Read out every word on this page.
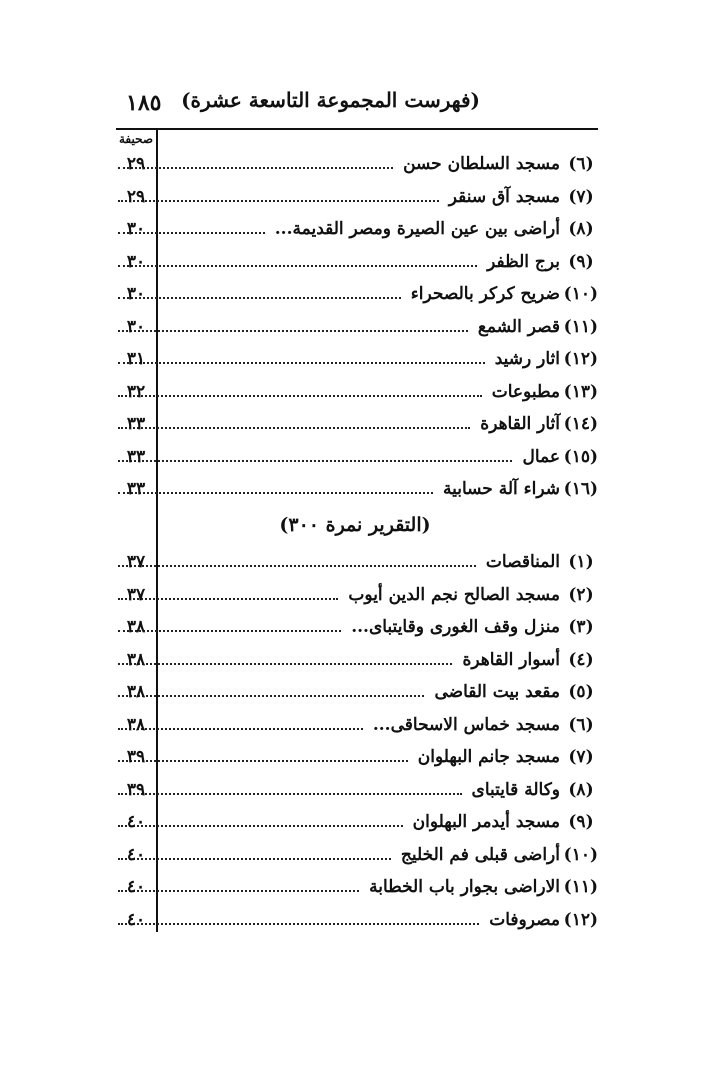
١٨٥ (فهرست المجموعة التاسعة عشرة)
صحيفة
(٦)
مسجد السلطان حسن
٢٩
(٧)
مسجد آق سنقر
٢٩
(٨)
أراضى بين عين الصيرة ومصر القديمة...
٣٠
(٩)
برج الظفر
٣٠
(١٠)
ضريح كركر بالصحراء
٣٠
(١١)
قصر الشمع
٣٠
(١٢)
اثار رشيد
٣١
(١٣)
مطبوعات
٣٢
(١٤)
آثار القاهرة
٣٣
(١٥)
عمال
٣٣
(١٦)
شراء آلة حسابية
٣٣
(التقرير نمرة ٣٠٠)
(١)
المناقصات
٣٧
(٢)
مسجد الصالح نجم الدين أيوب
٣٧
(٣)
منزل وقف الغورى وقايتباى...
٣٨
(٤)
أسوار القاهرة
٣٨
(٥)
مقعد بيت القاضى
٣٨
(٦)
مسجد خماس الاسحاقى...
٣٨
(٧)
مسجد جانم البهلوان
٣٩
(٨)
وكالة قايتباى
٣٩
(٩)
مسجد أيدمر البهلوان
٤٠
(١٠)
أراضى قبلى فم الخليج
٤٠
(١١)
الاراضى بجوار باب الخطابة
٤٠
(١٢)
مصروفات
٤٠
